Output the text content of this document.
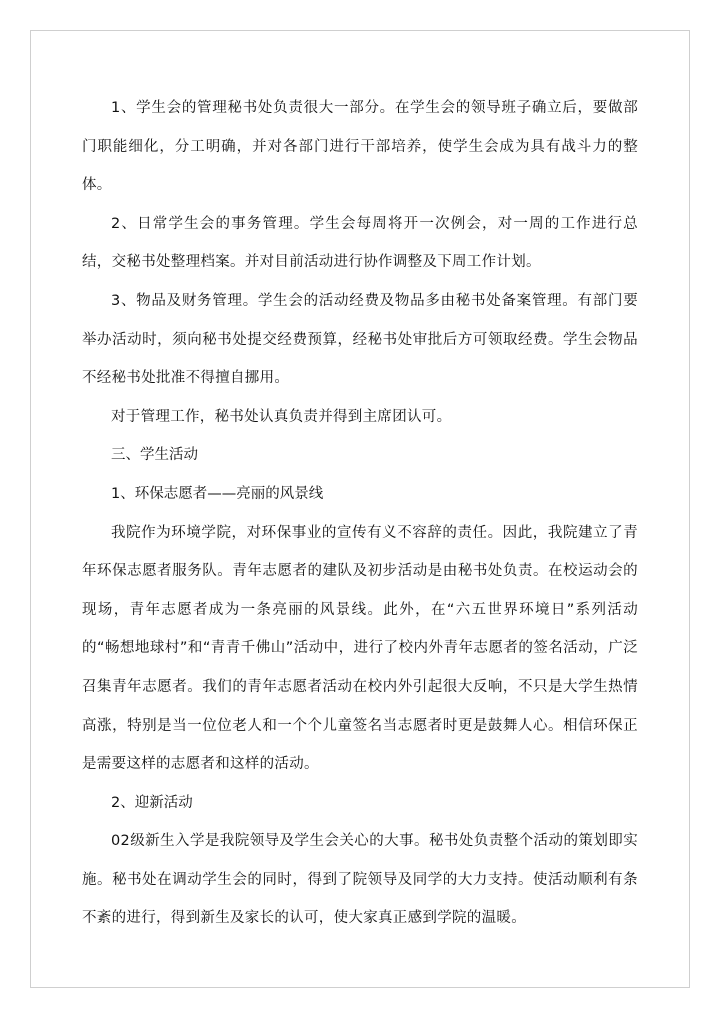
1、学生会的管理秘书处负责很大一部分。在学生会的领导班子确立后，要做部门职能细化，分工明确，并对各部门进行干部培养，使学生会成为具有战斗力的整体。

2、日常学生会的事务管理。学生会每周将开一次例会，对一周的工作进行总结，交秘书处整理档案。并对目前活动进行协作调整及下周工作计划。

3、物品及财务管理。学生会的活动经费及物品多由秘书处备案管理。有部门要举办活动时，须向秘书处提交经费预算，经秘书处审批后方可领取经费。学生会物品不经秘书处批准不得擅自挪用。

对于管理工作，秘书处认真负责并得到主席团认可。

三、学生活动

1、环保志愿者——亮丽的风景线

我院作为环境学院，对环保事业的宣传有义不容辞的责任。因此，我院建立了青年环保志愿者服务队。青年志愿者的建队及初步活动是由秘书处负责。在校运动会的现场，青年志愿者成为一条亮丽的风景线。此外，在“六五世界环境日”系列活动的“畅想地球村”和“青青千佛山”活动中，进行了校内外青年志愿者的签名活动，广泛召集青年志愿者。我们的青年志愿者活动在校内外引起很大反响，不只是大学生热情高涨，特别是当一位位老人和一个个儿童签名当志愿者时更是鼓舞人心。相信环保正是需要这样的志愿者和这样的活动。

2、迎新活动

02级新生入学是我院领导及学生会关心的大事。秘书处负责整个活动的策划即实施。秘书处在调动学生会的同时，得到了院领导及同学的大力支持。使活动顺利有条不紊的进行，得到新生及家长的认可，使大家真正感到学院的温暖。
